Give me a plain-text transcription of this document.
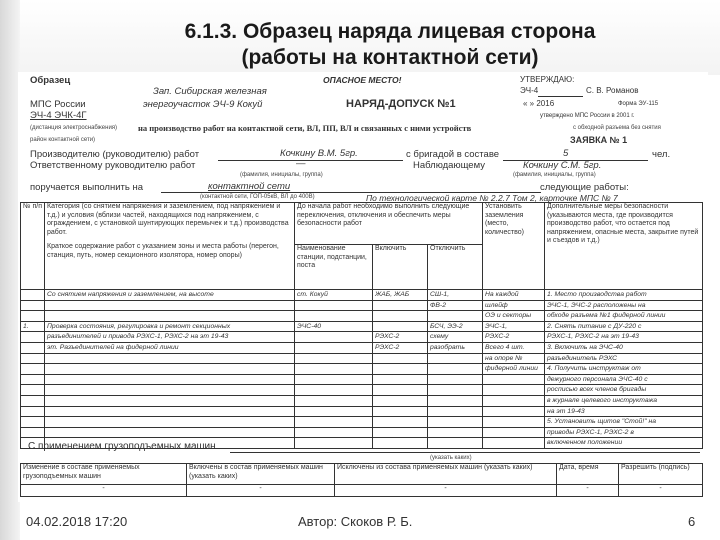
6.1.3. Образец наряда лицевая сторона
(работы на контактной сети)
Образец	ОПАСНОЕ МЕСТО!	УТВЕРЖДАЮ:
Зап. Сибирская железная	ЭЧ-4	С. В. Романов
МПС России	энергоучасток ЭЧ-9 Кокуй	НАРЯД-ДОПУСК №1	« » 2016	Форма ЭУ-115
ЭЧ-4 ЭЧК-4Г	утверждено МПС России в 2001 г.
(дистанция электроснабжения) на производство работ на контактной сети, ВЛ, ПП, ВЛ и связанных с ними устройств	с обходной разъема без снятия
район контактной сети)	ЗАЯВКА № 1
Производителю (руководителю) работ	Кочкину В.М. 5гр.	с бригадой в составе	5	чел.
Ответственному руководителю работ	—	Наблюдающему	Кочкину С.М. 5гр.
(фамилия, инициалы, группа)	(фамилия, инициалы, группа)
поручается выполнить на	контактной сети	следующие работы:
(контактной сети, ГОП-05кВ, ВЛ до 400В)	По технологической карте № 2.2.7 Том 2, карточке МПС № 7
№ п/п	Категория (со снятием напряжения и заземлением, под напряжением и т.д.) и условия (вблизи частей, находящихся под напряжением, с ограждением, с установкой шунтирующих перемычек и т.д.) производства работ.
Краткое содержание работ с указанием зоны и места работы (перегон, станция, путь, номер секционного изолятора, номер опоры)	До начала работ необходимо выполнить следующие переключения, отключения и обеспечить меры безопасности работ			Установить заземления (место, количество)	Дополнительные меры безопасности (указываются места, где производится производство работ, что остается под напряжением, опасные места, закрытие путей и съездов и т.д.)
		Наименование станции, подстанции, поста	Включить	Отключить		
	Со снятием напряжения и заземлением, на высоте	ст. Кокуй	ЖАБ, ЖАБ	СШ-1,	На каждой	1. Место производства работ
				ФВ-2	шлейф	ЭЧС-1, ЭЧС-2 расположены на
					ОЭ и секторы	обходе разъема №1 фидерной линии
1.	Проверка состояния, регулировка и ремонт секционных	ЭЧС-40		БСЧ, ЭЭ-2	ЭЧС-1,	2. Снять питание с ДУ-220 с
	разъединителей и привода РЭХС-1, РЭХС-2 на эт 19-43		РЭХС-2	схему	РЭХС-2	РЭХС-1, РЭХС-2 на эт 19-43
	эт. Разъединителей на фидерной линии		РЭХС-2	разобрать	Всего 4 шт.	3. Включить на ЭЧС-40
					на опоре №	разъединитель РЭХС
					фидерной линии	4. Получить инструктаж от
						дежурного персонала ЭЧС-40 с
						росписью всех членов бригады
						в журнале целевого инструктажа
						на эт 19-43
						5. Установить щитов "Стой!" на
						приводы РЭХС-1, РЭХС-2 в
						включенном положении
С применением грузоподъемных машин
(указать каких)
Изменение в составе применяемых грузоподъемных машин	Включены в состав применяемых машин (указать каких)	Исключены из состава применяемых машин (указать каких)	Дата, время	Разрешить (подпись)
-	-	-	-	-
04.02.2018 17:20	Автор: Скоков Р. Б.	6
